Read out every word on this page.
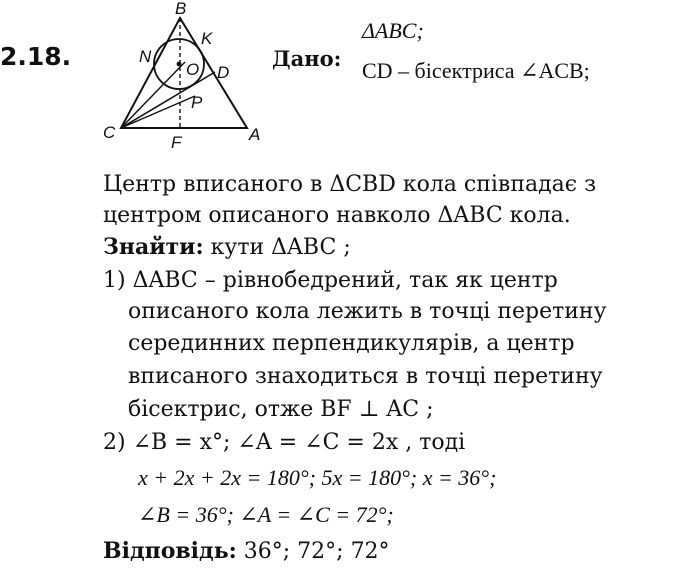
2.18.
B
K
N
O D
P
C
F	A
Дано:
ΔABC;
CD – бісектриса ∠ACB;
Центр вписаного в ΔCBD кола співпадає з
центром описаного навколо ΔABC кола.
Знайти: кути ΔABC ;
1) ΔABC – рівнобедрений, так як центр
описаного кола лежить в точці перетину
серединних перпендикулярів, а центр
вписаного знаходиться в точці перетину
бісектрис, отже BF ⊥ AC ;
2) ∠B = x°; ∠A = ∠C = 2x , тоді
x + 2x + 2x = 180°; 5x = 180°; x = 36°;
∠B = 36°; ∠A = ∠C = 72°;
Відповідь: 36°; 72°; 72°
